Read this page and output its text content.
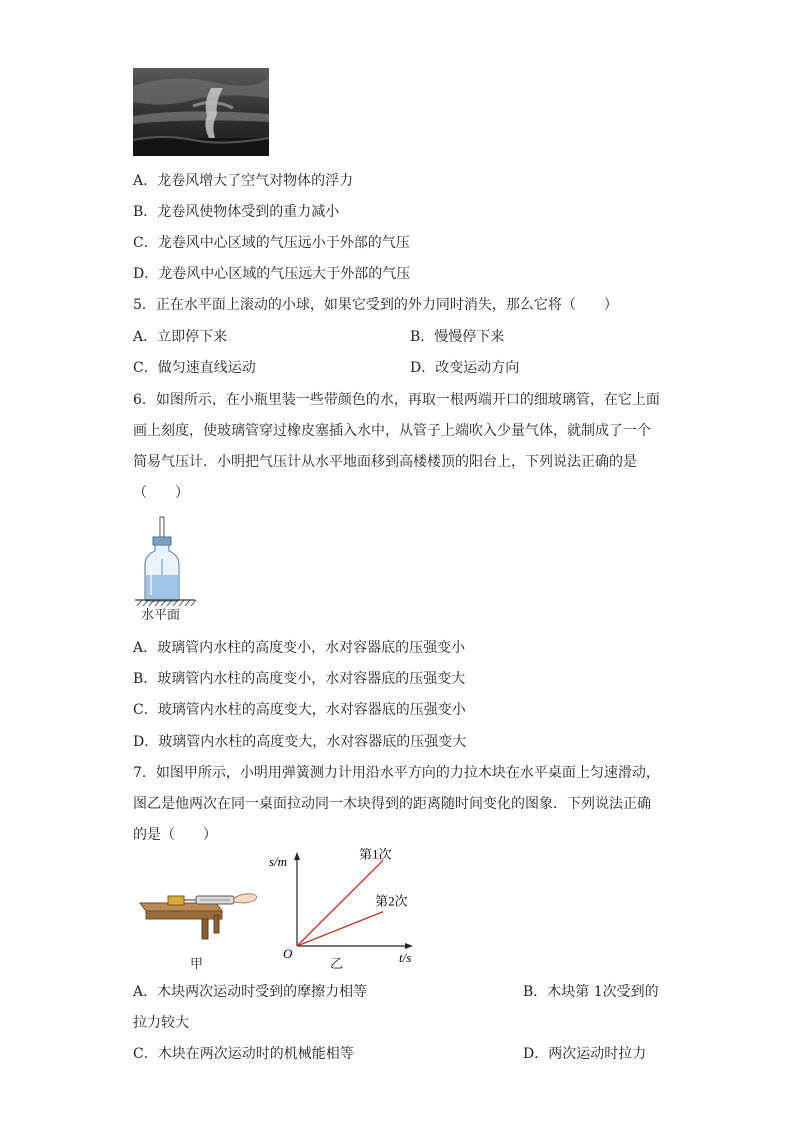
A．龙卷风增大了空气对物体的浮力
B．龙卷风使物体受到的重力减小
C．龙卷风中心区域的气压远小于外部的气压
D．龙卷风中心区域的气压远大于外部的气压
5．正在水平面上滚动的小球，如果它受到的外力同时消失，那么它将（　　）
A．立即停下来	B．慢慢停下来
C．做匀速直线运动	D．改变运动方向
6．如图所示，在小瓶里装一些带颜色的水，再取一根两端开口的细玻璃管，在它上面
画上刻度，使玻璃管穿过橡皮塞插入水中，从管子上端吹入少量气体，就制成了一个
简易气压计．小明把气压计从水平地面移到高楼楼顶的阳台上，下列说法正确的是
（　　）
水平面
A．玻璃管内水柱的高度变小，水对容器底的压强变小
B．玻璃管内水柱的高度变小，水对容器底的压强变大
C．玻璃管内水柱的高度变大，水对容器底的压强变小
D．玻璃管内水柱的高度变大，水对容器底的压强变大
7．如图甲所示，小明用弹簧测力计用沿水平方向的力拉木块在水平桌面上匀速滑动，
图乙是他两次在同一桌面拉动同一木块得到的距离随时间变化的图象．下列说法正确
的是（　　）
甲
s/m
t/s
O
第1次
第2次
乙
A．木块两次运动时受到的摩擦力相等	B．木块第 1次受到的
拉力较大
C．木块在两次运动时的机械能相等	D．两次运动时拉力
